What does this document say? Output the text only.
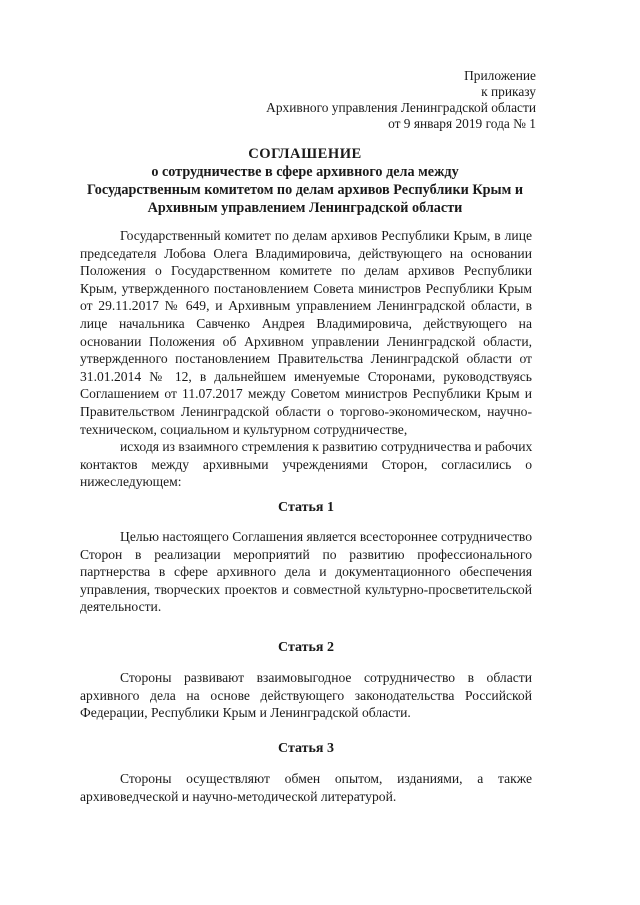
Приложение
к приказу
Архивного управления Ленинградской области
от 9 января 2019 года № 1
СОГЛАШЕНИЕ
о сотрудничестве в сфере архивного дела между
Государственным комитетом по делам архивов Республики Крым и
Архивным управлением Ленинградской области
Государственный комитет по делам архивов Республики Крым, в лице
председателя Лобова Олега Владимировича, действующего на основании
Положения о Государственном комитете по делам архивов Республики
Крым, утвержденного постановлением Совета министров Республики Крым
от 29.11.2017 № 649, и Архивным управлением Ленинградской области, в
лице начальника Савченко Андрея Владимировича, действующего на
основании Положения об Архивном управлении Ленинградской области,
утвержденного постановлением Правительства Ленинградской области от
31.01.2014 № 12, в дальнейшем именуемые Сторонами, руководствуясь
Соглашением от 11.07.2017 между Советом министров Республики Крым и
Правительством Ленинградской области о торгово-экономическом, научно-
техническом, социальном и культурном сотрудничестве,
исходя из взаимного стремления к развитию сотрудничества и рабочих
контактов между архивными учреждениями Сторон, согласились о
нижеследующем:
Статья 1
Целью настоящего Соглашения является всестороннее сотрудничество
Сторон в реализации мероприятий по развитию профессионального
партнерства в сфере архивного дела и документационного обеспечения
управления, творческих проектов и совместной культурно-просветительской
деятельности.
Статья 2
Стороны развивают взаимовыгодное сотрудничество в области
архивного дела на основе действующего законодательства Российской
Федерации, Республики Крым и Ленинградской области.
Статья 3
Стороны осуществляют обмен опытом, изданиями, а также
архивоведческой и научно-методической литературой.
